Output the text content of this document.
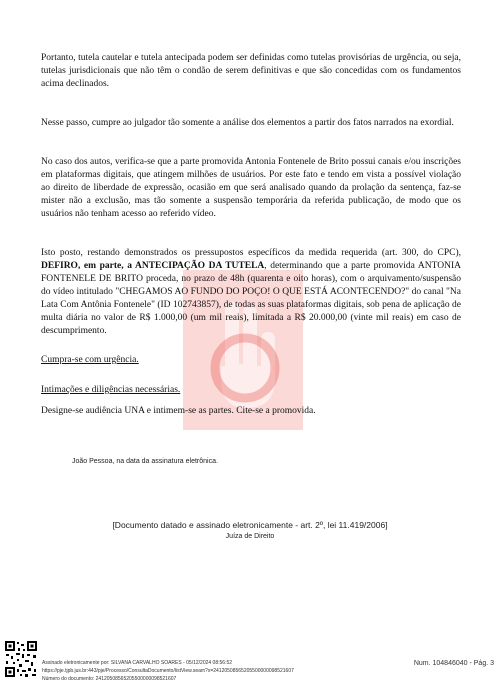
Portanto, tutela cautelar e tutela antecipada podem ser definidas como tutelas provisórias de urgência, ou seja, tutelas jurisdicionais que não têm o condão de serem definitivas e que são concedidas com os fundamentos acima declinados.

Nesse passo, cumpre ao julgador tão somente a análise dos elementos a partir dos fatos narrados na exordial.

No caso dos autos, verifica-se que a parte promovida Antonia Fontenele de Brito possui canais e/ou inscrições em plataformas digitais, que atingem milhões de usuários. Por este fato e tendo em vista a possível violação ao direito de liberdade de expressão, ocasião em que será analisado quando da prolação da sentença, faz-se mister não a exclusão, mas tão somente a suspensão temporária da referida publicação, de modo que os usuários não tenham acesso ao referido vídeo.

Isto posto, restando demonstrados os pressupostos específicos da medida requerida (art. 300, do CPC), DEFIRO, em parte, a ANTECIPAÇÃO DA TUTELA, determinando que a parte promovida ANTONIA FONTENELE DE BRITO proceda, no prazo de 48h (quarenta e oito horas), com o arquivamento/suspensão do vídeo intitulado "CHEGAMOS AO FUNDO DO POÇO! O QUE ESTÁ ACONTECENDO?" do canal "Na Lata Com Antônia Fontenele" (ID 102743857), de todas as suas plataformas digitais, sob pena de aplicação de multa diária no valor de R$ 1.000,00 (um mil reais), limitada a R$ 20.000,00 (vinte mil reais) em caso de descumprimento.

Cumpra-se com urgência.

Intimações e diligências necessárias.

Designe-se audiência UNA e intimem-se as partes. Cite-se a promovida.

João Pessoa, na data da assinatura eletrônica.
[Documento datado e assinado eletronicamente - art. 2º, lei 11.419/2006]
Juíza de Direito
Assinado eletronicamente por: SILVANA CARVALHO SOARES - 05/12/2024 08:56:52
https://pje.tjpb.jus.br:443/pje/Processo/ConsultaDocumento/listView.seam?x=24120508565205500000098521607
Número do documento: 24120508565205500000098521607
Num. 104846040 - Pág. 3
